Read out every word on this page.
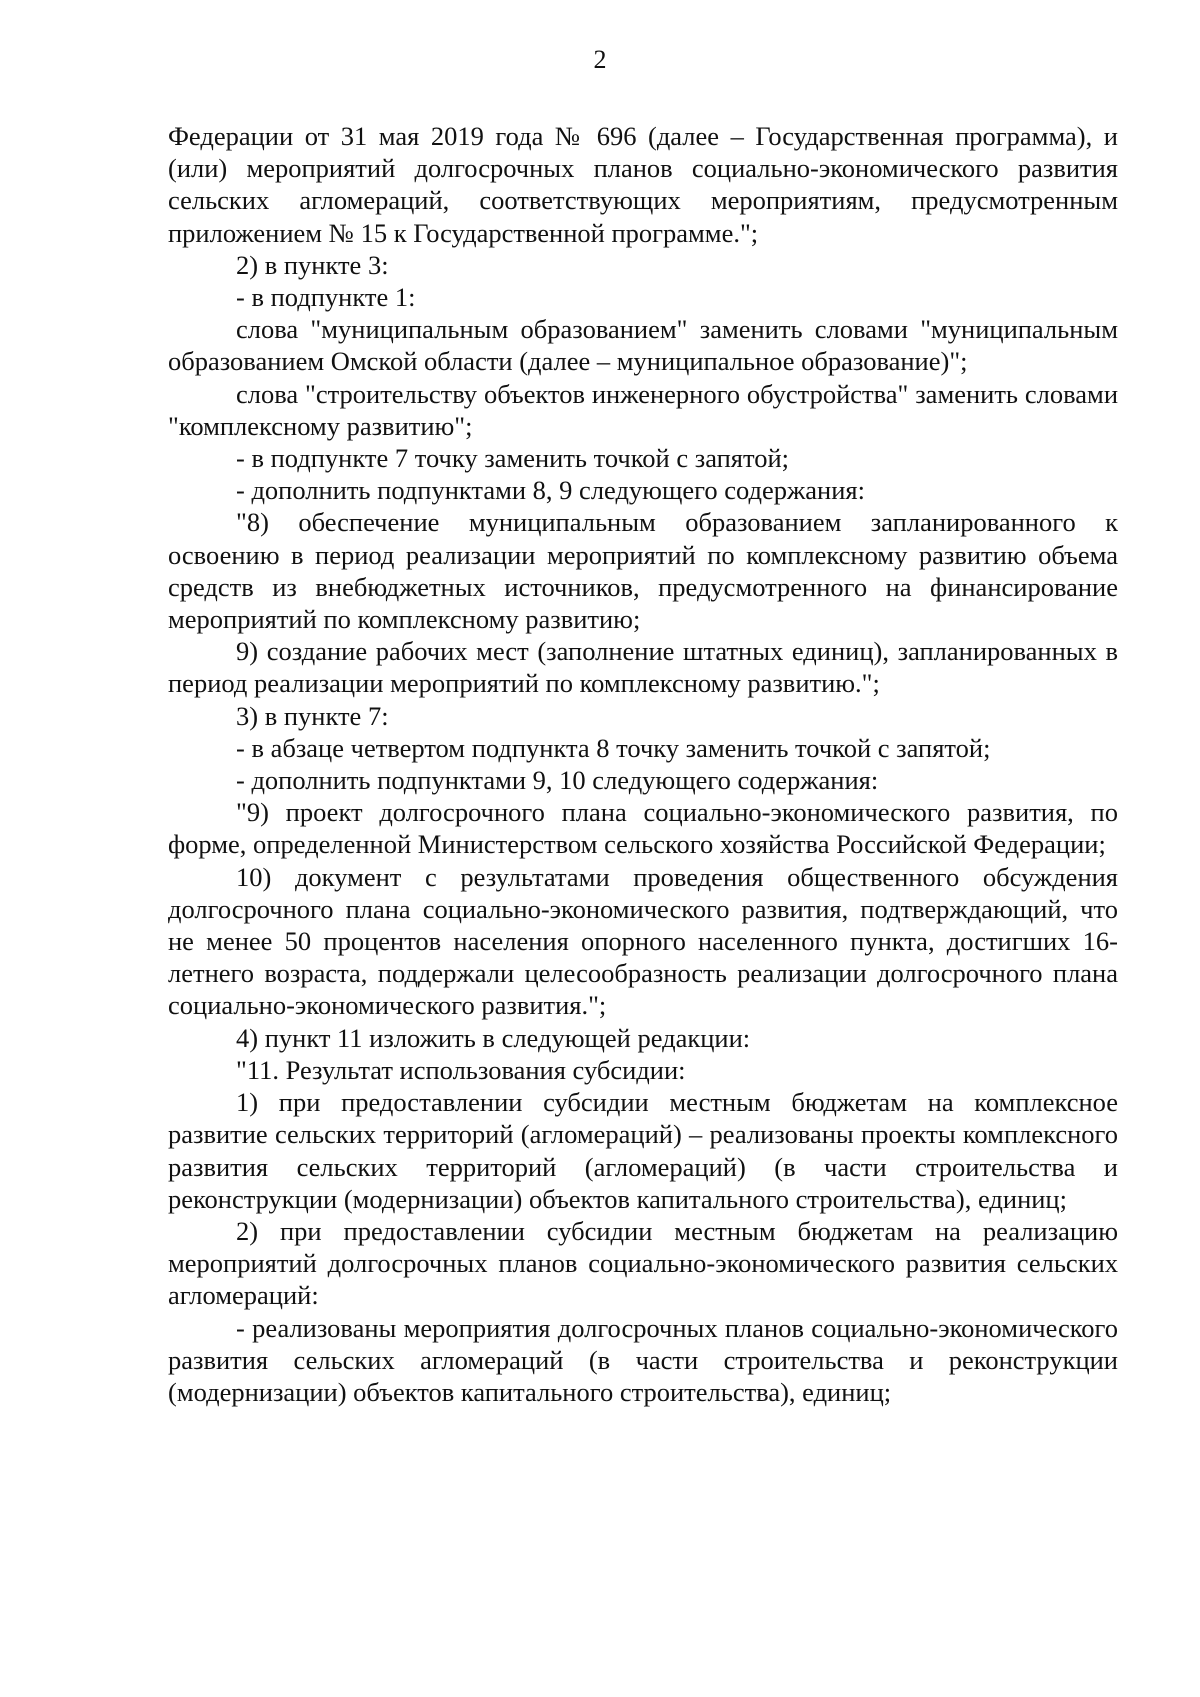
2

Федерации от 31 мая 2019 года № 696 (далее – Государственная программа), и (или) мероприятий долгосрочных планов социально-экономического развития сельских агломераций, соответствующих мероприятиям, предусмотренным приложением № 15 к Государственной программе.";

2) в пункте 3:

- в подпункте 1:

слова "муниципальным образованием" заменить словами "муниципальным образованием Омской области (далее – муниципальное образование)";

слова "строительству объектов инженерного обустройства" заменить словами "комплексному развитию";

- в подпункте 7 точку заменить точкой с запятой;

- дополнить подпунктами 8, 9 следующего содержания:

"8) обеспечение муниципальным образованием запланированного к освоению в период реализации мероприятий по комплексному развитию объема средств из внебюджетных источников, предусмотренного на финансирование мероприятий по комплексному развитию;

9) создание рабочих мест (заполнение штатных единиц), запланированных в период реализации мероприятий по комплексному развитию.";

3) в пункте 7:

- в абзаце четвертом подпункта 8 точку заменить точкой с запятой;

- дополнить подпунктами 9, 10 следующего содержания:

"9) проект долгосрочного плана социально-экономического развития, по форме, определенной Министерством сельского хозяйства Российской Федерации;

10) документ с результатами проведения общественного обсуждения долгосрочного плана социально-экономического развития, подтверждающий, что не менее 50 процентов населения опорного населенного пункта, достигших 16-летнего возраста, поддержали целесообразность реализации долгосрочного плана социально-экономического развития.";

4) пункт 11 изложить в следующей редакции:

"11. Результат использования субсидии:

1) при предоставлении субсидии местным бюджетам на комплексное развитие сельских территорий (агломераций) – реализованы проекты комплексного развития сельских территорий (агломераций) (в части строительства и реконструкции (модернизации) объектов капитального строительства), единиц;

2) при предоставлении субсидии местным бюджетам на реализацию мероприятий долгосрочных планов социально-экономического развития сельских агломераций:

- реализованы мероприятия долгосрочных планов социально-экономического развития сельских агломераций (в части строительства и реконструкции (модернизации) объектов капитального строительства), единиц;
